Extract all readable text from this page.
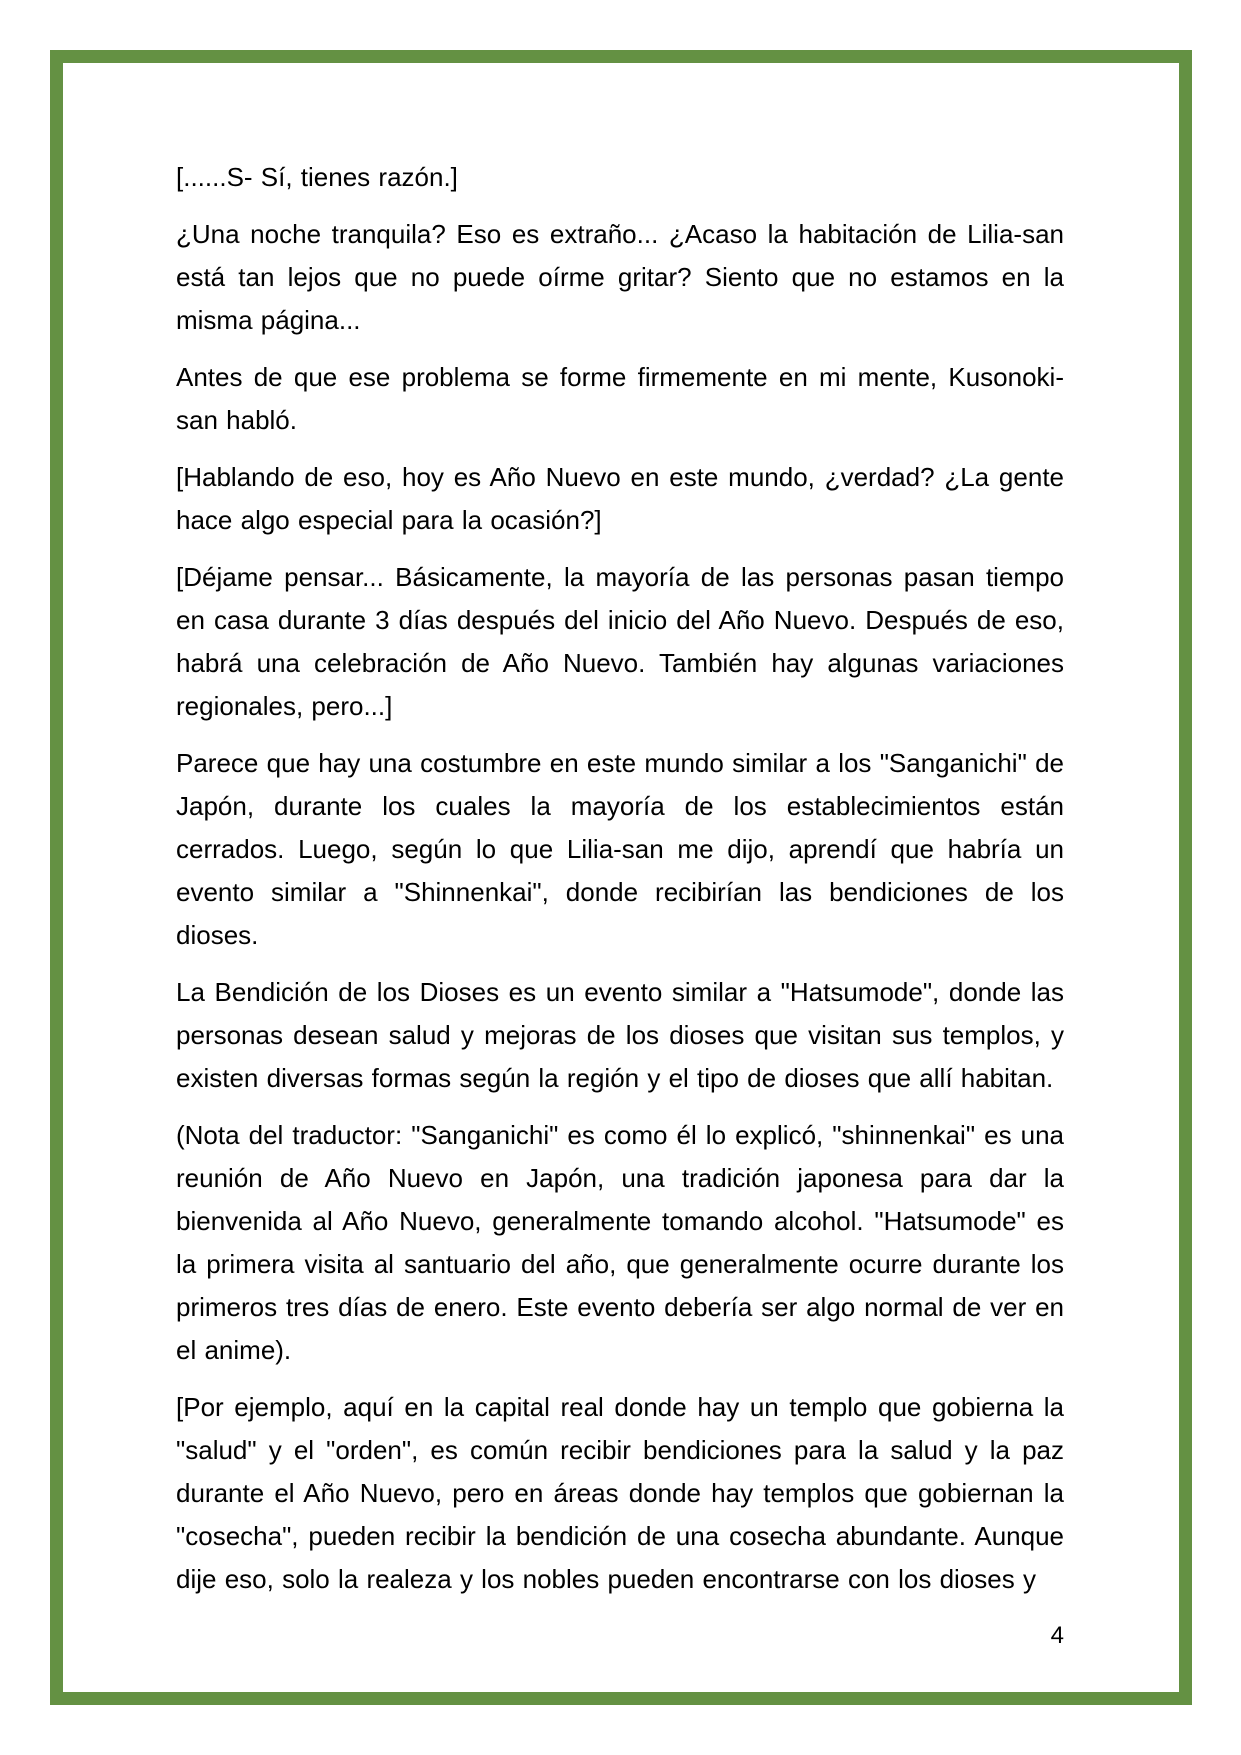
[......S- Sí, tienes razón.]

¿Una noche tranquila? Eso es extraño... ¿Acaso la habitación de Lilia-san está tan lejos que no puede oírme gritar? Siento que no estamos en la misma página...

Antes de que ese problema se forme firmemente en mi mente, Kusonoki-san habló.

[Hablando de eso, hoy es Año Nuevo en este mundo, ¿verdad? ¿La gente hace algo especial para la ocasión?]

[Déjame pensar... Básicamente, la mayoría de las personas pasan tiempo en casa durante 3 días después del inicio del Año Nuevo. Después de eso, habrá una celebración de Año Nuevo. También hay algunas variaciones regionales, pero...]

Parece que hay una costumbre en este mundo similar a los "Sanganichi" de Japón, durante los cuales la mayoría de los establecimientos están cerrados. Luego, según lo que Lilia-san me dijo, aprendí que habría un evento similar a "Shinnenkai", donde recibirían las bendiciones de los dioses.

La Bendición de los Dioses es un evento similar a "Hatsumode", donde las personas desean salud y mejoras de los dioses que visitan sus templos, y existen diversas formas según la región y el tipo de dioses que allí habitan.

(Nota del traductor: "Sanganichi" es como él lo explicó, "shinnenkai" es una reunión de Año Nuevo en Japón, una tradición japonesa para dar la bienvenida al Año Nuevo, generalmente tomando alcohol. "Hatsumode" es la primera visita al santuario del año, que generalmente ocurre durante los primeros tres días de enero. Este evento debería ser algo normal de ver en el anime).

[Por ejemplo, aquí en la capital real donde hay un templo que gobierna la "salud" y el "orden", es común recibir bendiciones para la salud y la paz durante el Año Nuevo, pero en áreas donde hay templos que gobiernan la "cosecha", pueden recibir la bendición de una cosecha abundante. Aunque dije eso, solo la realeza y los nobles pueden encontrarse con los dioses y

4
